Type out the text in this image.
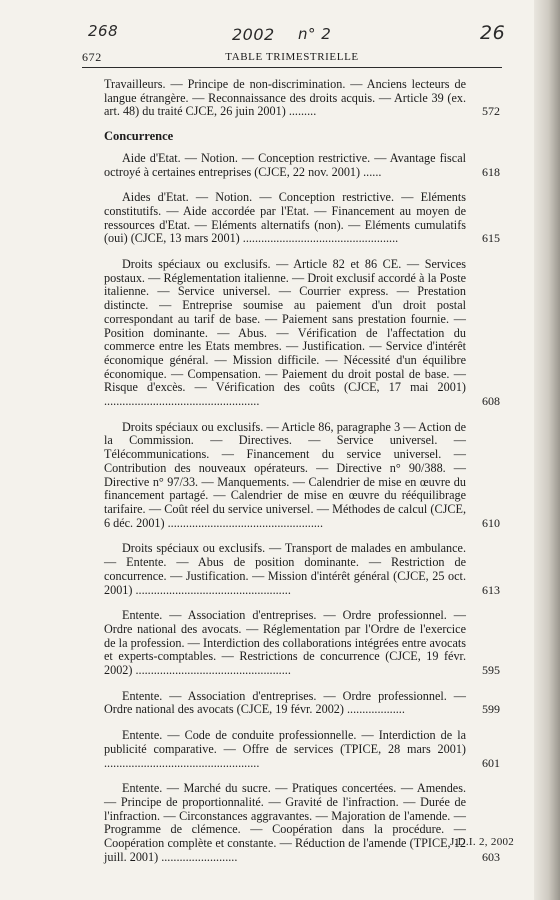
268	2002 n° 2	26
672	TABLE TRIMESTRIELLE
Travailleurs. — Principe de non-discrimination. — Anciens lecteurs de langue étrangère. — Reconnaissance des droits acquis. — Article 39 (ex. art. 48) du traité CJCE, 26 juin 2001) .........	572
Concurrence
Aide d'Etat. — Notion. — Conception restrictive. — Avantage fiscal octroyé à certaines entreprises (CJCE, 22 nov. 2001) ......	618
Aides d'Etat. — Notion. — Conception restrictive. — Eléments constitutifs. — Aide accordée par l'Etat. — Financement au moyen de ressources d'Etat. — Eléments alternatifs (non). — Eléments cumulatifs (oui) (CJCE, 13 mars 2001) ...................................................	615
Droits spéciaux ou exclusifs. — Article 82 et 86 CE. — Services postaux. — Réglementation italienne. — Droit exclusif accordé à la Poste italienne. — Service universel. — Courrier express. — Prestation distincte. — Entreprise soumise au paiement d'un droit postal correspondant au tarif de base. — Paiement sans prestation fournie. — Position dominante. — Abus. — Vérification de l'affectation du commerce entre les Etats membres. — Justification. — Service d'intérêt économique général. — Mission difficile. — Nécessité d'un équilibre économique. — Compensation. — Paiement du droit postal de base. — Risque d'excès. — Vérification des coûts (CJCE, 17 mai 2001) ...................................................	608
Droits spéciaux ou exclusifs. — Article 86, paragraphe 3 — Action de la Commission. — Directives. — Service universel. — Télécommunications. — Financement du service universel. — Contribution des nouveaux opérateurs. — Directive n° 90/388. — Directive n° 97/33. — Manquements. — Calendrier de mise en œuvre du financement partagé. — Calendrier de mise en œuvre du rééquilibrage tarifaire. — Coût réel du service universel. — Méthodes de calcul (CJCE, 6 déc. 2001) ...................................................	610
Droits spéciaux ou exclusifs. — Transport de malades en ambulance. — Entente. — Abus de position dominante. — Restriction de concurrence. — Justification. — Mission d'intérêt général (CJCE, 25 oct. 2001) ...................................................	613
Entente. — Association d'entreprises. — Ordre professionnel. — Ordre national des avocats. — Réglementation par l'Ordre de l'exercice de la profession. — Interdiction des collaborations intégrées entre avocats et experts-comptables. — Restrictions de concurrence (CJCE, 19 févr. 2002) ...................................................	595
Entente. — Association d'entreprises. — Ordre professionnel. — Ordre national des avocats (CJCE, 19 févr. 2002) ...................	599
Entente. — Code de conduite professionnelle. — Interdiction de la publicité comparative. — Offre de services (TPICE, 28 mars 2001) ...................................................	601
Entente. — Marché du sucre. — Pratiques concertées. — Amendes. — Principe de proportionnalité. — Gravité de l'infraction. — Durée de l'infraction. — Circonstances aggravantes. — Majoration de l'amende. — Programme de clémence. — Coopération dans la procédure. — Coopération complète et constante. — Réduction de l'amende (TPICE, 12 juill. 2001) .........................	603
J.D.I. 2, 2002
